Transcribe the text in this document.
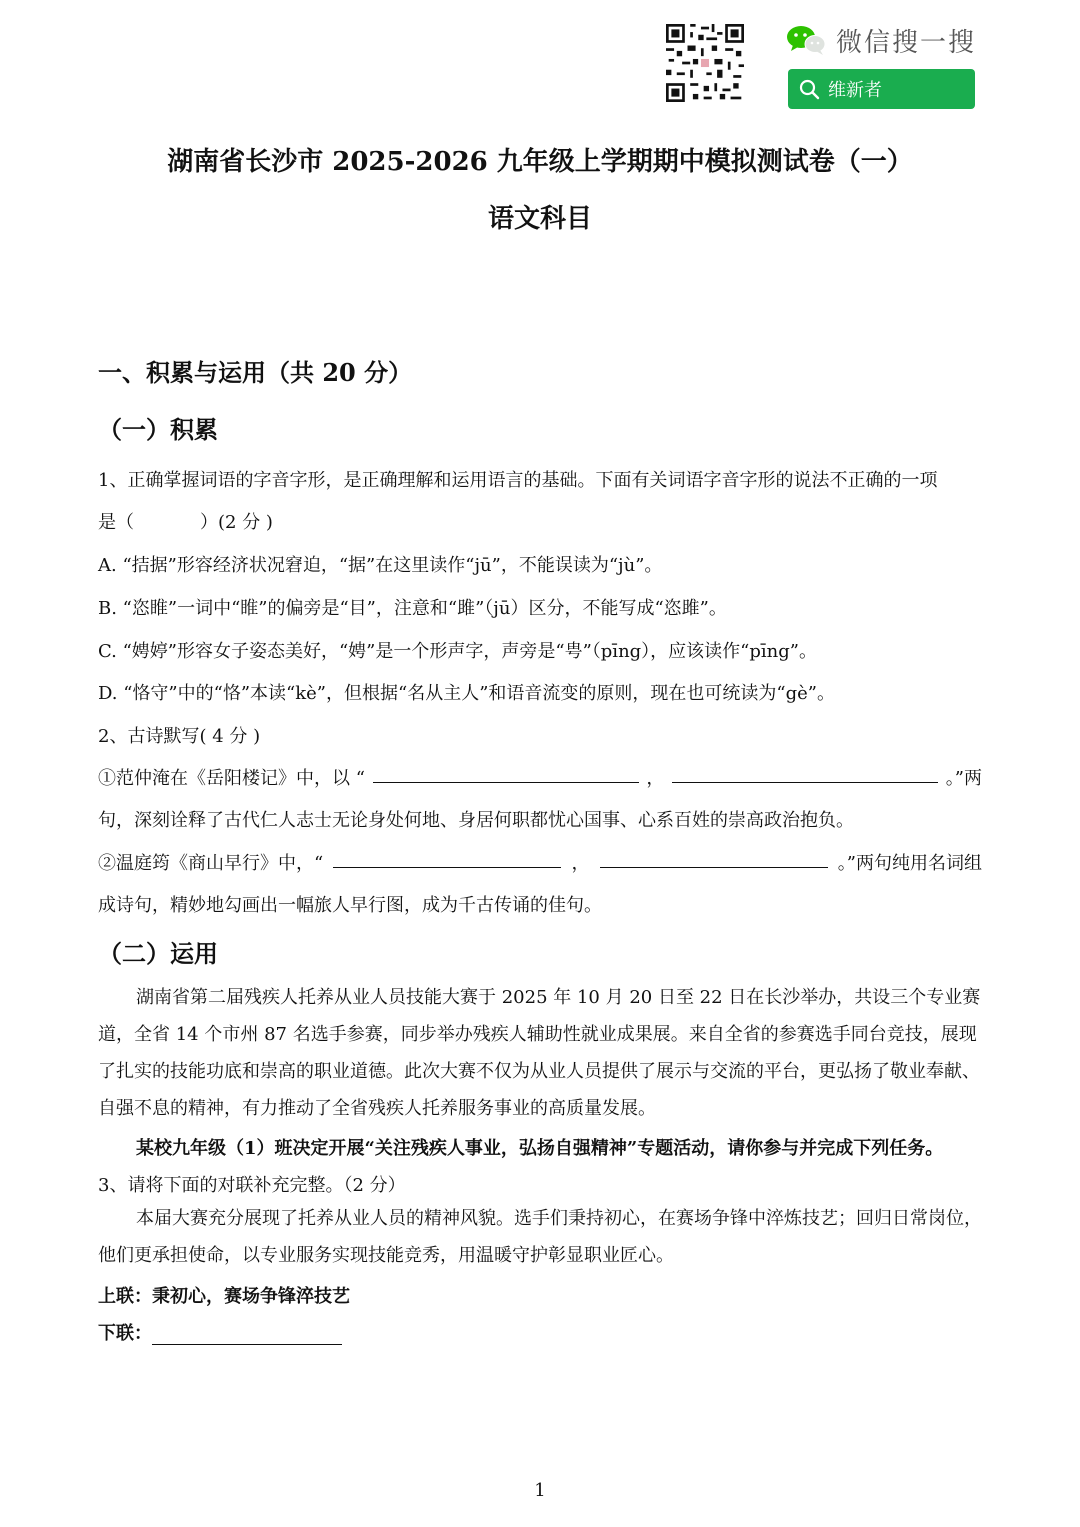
微信搜一搜
维新者
湖南省长沙市 2025-2026 九年级上学期期中模拟测试卷（一）
语文科目
一、积累与运用（共 20 分）
（一）积累
1、正确掌握词语的字音字形，是正确理解和运用语言的基础。下面有关词语字音字形的说法不正确的一项
是（	）(2 分 )
A. “拮据”形容经济状况窘迫，“据”在这里读作“jū”，不能误读为“jù”。
B. “恣睢”一词中“睢”的偏旁是“目”，注意和“雎”（jū）区分，不能写成“恣雎”。
C. “娉婷”形容女子姿态美好，“娉”是一个形声字，声旁是“甹”（pīng），应该读作“pīng”。
D. “恪守”中的“恪”本读“kè”，但根据“名从主人”和语音流变的原则，现在也可统读为“gè”。
2、古诗默写( 4 分 )
①范仲淹在《岳阳楼记》中，以 “	，	。”两
句，深刻诠释了古代仁人志士无论身处何地、身居何职都忧心国事、心系百姓的崇高政治抱负。
②温庭筠《商山早行》中，“	，	。”两句纯用名词组
成诗句，精妙地勾画出一幅旅人早行图，成为千古传诵的佳句。
（二）运用
湖南省第二届残疾人托养从业人员技能大赛于 2025 年 10 月 20 日至 22 日在长沙举办，共设三个专业赛道，全省 14 个市州 87 名选手参赛，同步举办残疾人辅助性就业成果展。来自全省的参赛选手同台竞技，展现了扎实的技能功底和崇高的职业道德。此次大赛不仅为从业人员提供了展示与交流的平台，更弘扬了敬业奉献、自强不息的精神，有力推动了全省残疾人托养服务事业的高质量发展。
某校九年级（1）班决定开展“关注残疾人事业，弘扬自强精神”专题活动，请你参与并完成下列任务。
3、请将下面的对联补充完整。（2 分）
本届大赛充分展现了托养从业人员的精神风貌。选手们秉持初心，在赛场争锋中淬炼技艺；回归日常岗位，他们更承担使命，以专业服务实现技能竞秀，用温暖守护彰显职业匠心。
上联：秉初心，赛场争锋淬技艺
下联：
1
